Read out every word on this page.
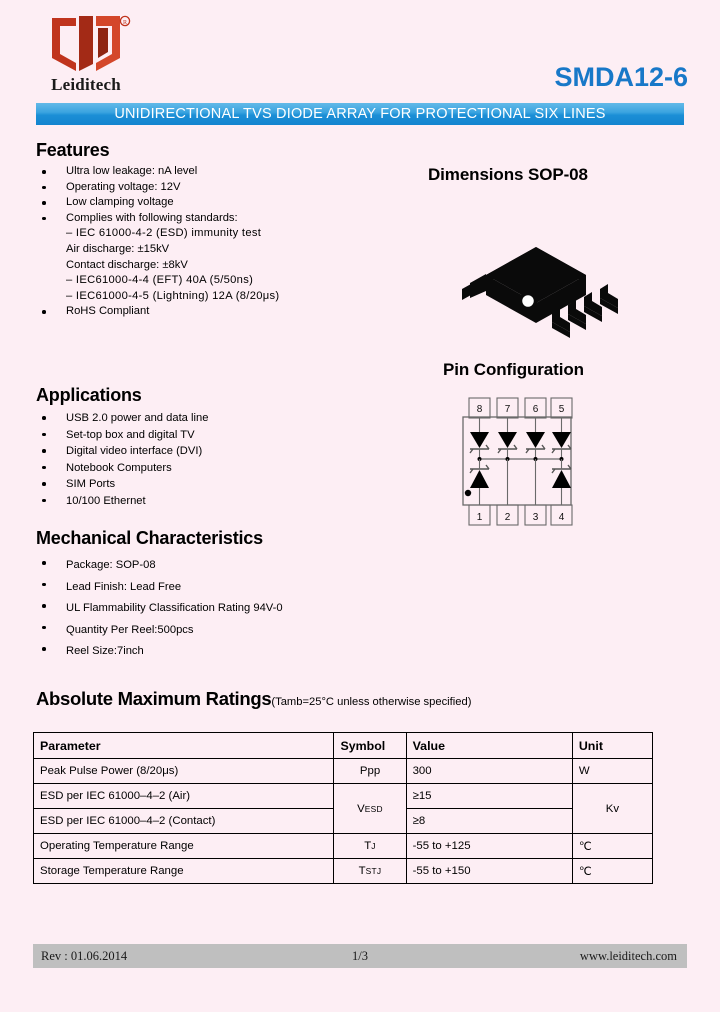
R
Leiditech	SMDA12-6
UNIDIRECTIONAL TVS DIODE ARRAY FOR PROTECTIONAL SIX LINES
Features
Ultra low leakage: nA level
Operating voltage: 12V
Low clamping voltage
Complies with following standards:
– IEC 61000-4-2 (ESD) immunity test
Air discharge: ±15kV
Contact discharge: ±8kV
– IEC61000-4-4 (EFT) 40A (5/50ns)
– IEC61000-4-5 (Lightning) 12A (8/20μs)
RoHS Compliant
Applications
USB 2.0 power and data line
Set-top box and digital TV
Digital video interface (DVI)
Notebook Computers
SIM Ports
10/100 Ethernet
Mechanical Characteristics
Package: SOP-08
Lead Finish: Lead Free
UL Flammability Classification Rating 94V-0
Quantity Per Reel:500pcs
Reel Size:7inch
Dimensions SOP-08
Pin Configuration
8 7 6 5
1 2 3 4
Absolute Maximum Ratings(Tamb=25°C unless otherwise specified)
Parameter	Symbol	Value	Unit
Peak Pulse Power (8/20μs)	Ppp	300	W
ESD per IEC 61000–4–2 (Air)	VESD	≥15	Kv
ESD per IEC 61000–4–2 (Contact)		≥8	
Operating Temperature Range	TJ	-55 to +125	℃
Storage Temperature Range	TSTJ	-55 to +150	℃
Rev : 01.06.2014	1/3	www.leiditech.com
